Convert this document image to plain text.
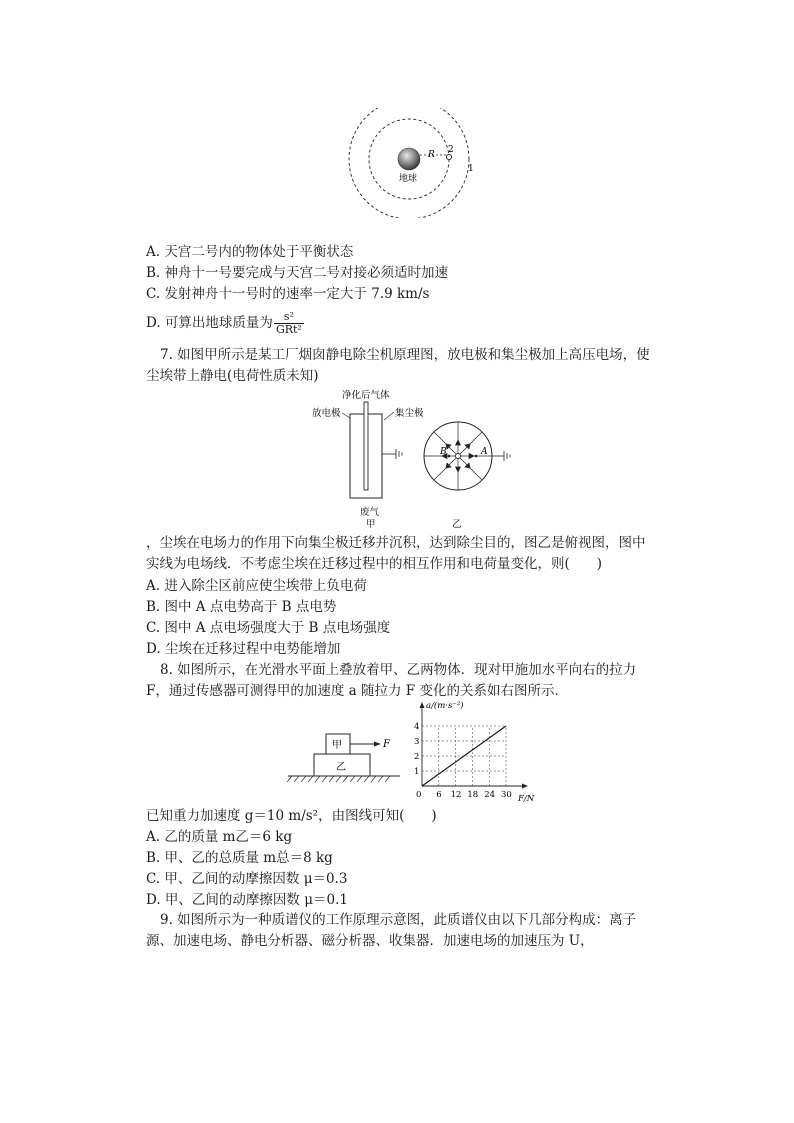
R 2
1
地球
A. 天宫二号内的物体处于平衡状态
B. 神舟十一号要完成与天宫二号对接必须适时加速
C. 发射神舟十一号时的速率一定大于 7.9 km/s
D. 可算出地球质量为 $\frac{\text{s²}}{\text{GRt²}}$
7. 如图甲所示是某工厂烟囱静电除尘机原理图，放电极和集尘极加上高压电场，使尘埃带上静电(电荷性质未知)
净化后气体
放电极	集尘极
废气
甲
A
B
乙
，尘埃在电场力的作用下向集尘极迁移并沉积，达到除尘目的，图乙是俯视图，图中实线为电场线．不考虑尘埃在迁移过程中的相互作用和电荷量变化，则(　　)
A. 进入除尘区前应使尘埃带上负电荷
B. 图中 A 点电势高于 B 点电势
C. 图中 A 点电场强度大于 B 点电场强度
D. 尘埃在迁移过程中电势能增加
8. 如图所示，在光滑水平面上叠放着甲、乙两物体．现对甲施加水平向右的拉力 F，通过传感器可测得甲的加速度 a 随拉力 F 变化的关系如右图所示．
甲
乙
F
6 12 18 24 30
1
2
3
4
a/(m·s⁻²)
F/N
0
已知重力加速度 g＝10 m/s²，由图线可知(　　)
A. 乙的质量 m乙＝6 kg
B. 甲、乙的总质量 m总＝8 kg
C. 甲、乙间的动摩擦因数 μ＝0.3
D. 甲、乙间的动摩擦因数 μ＝0.1
9. 如图所示为一种质谱仪的工作原理示意图，此质谱仪由以下几部分构成：离子源、加速电场、静电分析器、磁分析器、收集器．加速电场的加速压为 U，
